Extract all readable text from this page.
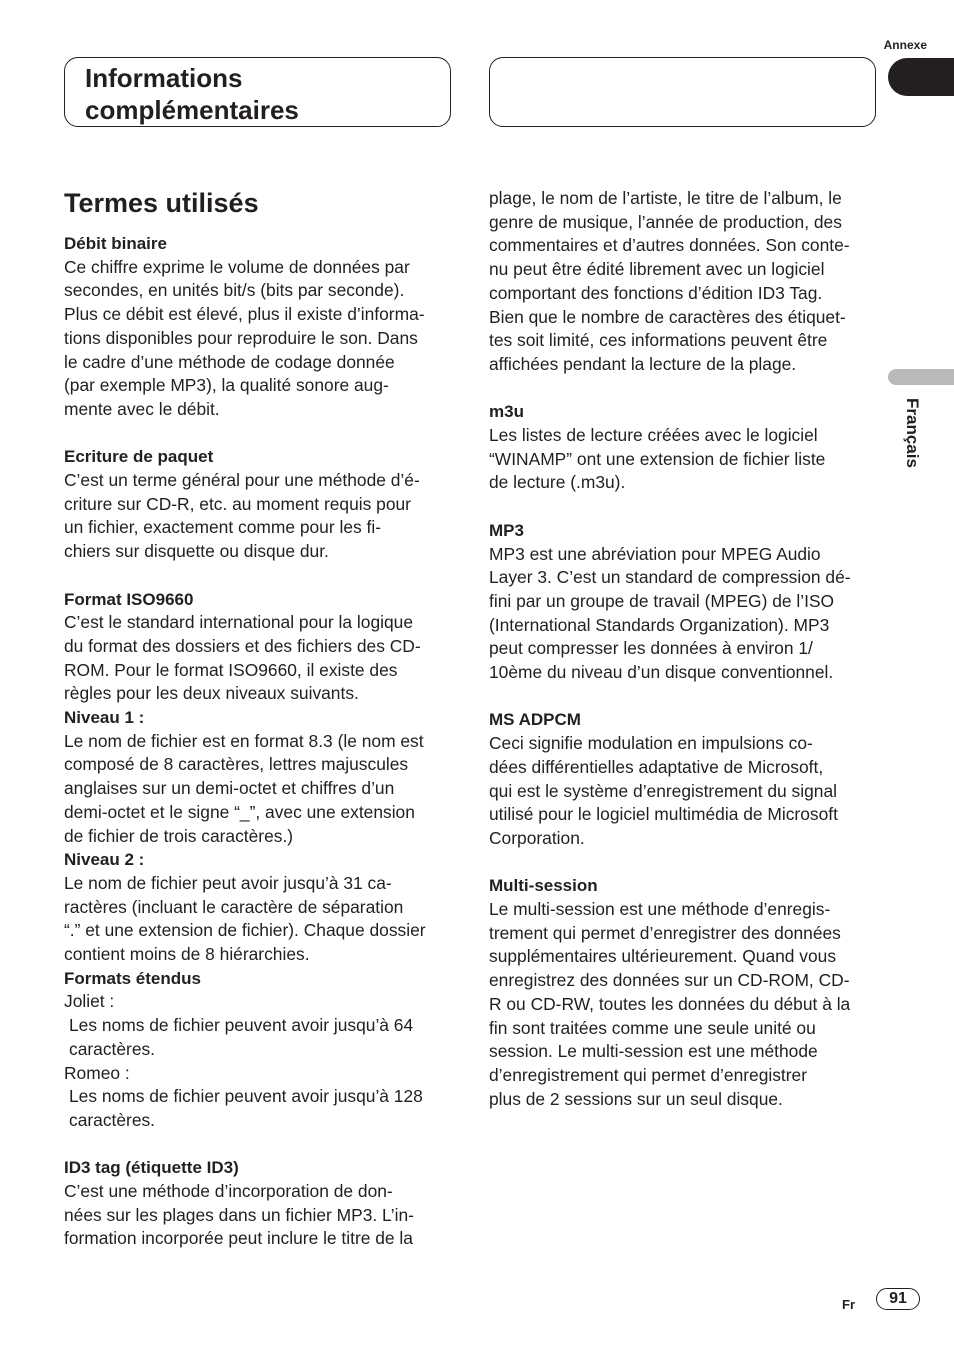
Annexe
Informations
complémentaires
Français
Termes utilisés
Débit binaire
Ce chiffre exprime le volume de données par
secondes, en unités bit/s (bits par seconde).
Plus ce débit est élevé, plus il existe d’informa-
tions disponibles pour reproduire le son. Dans
le cadre d’une méthode de codage donnée
(par exemple MP3), la qualité sonore aug-
mente avec le débit.
Ecriture de paquet
C’est un terme général pour une méthode d’é-
criture sur CD-R, etc. au moment requis pour
un fichier, exactement comme pour les fi-
chiers sur disquette ou disque dur.
Format ISO9660
C’est le standard international pour la logique
du format des dossiers et des fichiers des CD-
ROM. Pour le format ISO9660, il existe des
règles pour les deux niveaux suivants.
Niveau 1 :
Le nom de fichier est en format 8.3 (le nom est
composé de 8 caractères, lettres majuscules
anglaises sur un demi-octet et chiffres d’un
demi-octet et le signe “_”, avec une extension
de fichier de trois caractères.)
Niveau 2 :
Le nom de fichier peut avoir jusqu’à 31 ca-
ractères (incluant le caractère de séparation
“.” et une extension de fichier). Chaque dossier
contient moins de 8 hiérarchies.
Formats étendus
Joliet :
Les noms de fichier peuvent avoir jusqu’à 64
caractères.
Romeo :
Les noms de fichier peuvent avoir jusqu’à 128
caractères.
ID3 tag (étiquette ID3)
C’est une méthode d’incorporation de don-
nées sur les plages dans un fichier MP3. L’in-
formation incorporée peut inclure le titre de la
plage, le nom de l’artiste, le titre de l’album, le
genre de musique, l’année de production, des
commentaires et d’autres données. Son conte-
nu peut être édité librement avec un logiciel
comportant des fonctions d’édition ID3 Tag.
Bien que le nombre de caractères des étiquet-
tes soit limité, ces informations peuvent être
affichées pendant la lecture de la plage.
m3u
Les listes de lecture créées avec le logiciel
“WINAMP” ont une extension de fichier liste
de lecture (.m3u).
MP3
MP3 est une abréviation pour MPEG Audio
Layer 3. C’est un standard de compression dé-
fini par un groupe de travail (MPEG) de l’ISO
(International Standards Organization). MP3
peut compresser les données à environ 1/
10ème du niveau d’un disque conventionnel.
MS ADPCM
Ceci signifie modulation en impulsions co-
dées différentielles adaptative de Microsoft,
qui est le système d’enregistrement du signal
utilisé pour le logiciel multimédia de Microsoft
Corporation.
Multi-session
Le multi-session est une méthode d’enregis-
trement qui permet d’enregistrer des données
supplémentaires ultérieurement. Quand vous
enregistrez des données sur un CD-ROM, CD-
R ou CD-RW, toutes les données du début à la
fin sont traitées comme une seule unité ou
session. Le multi-session est une méthode
d’enregistrement qui permet d’enregistrer
plus de 2 sessions sur un seul disque.
Fr	91
